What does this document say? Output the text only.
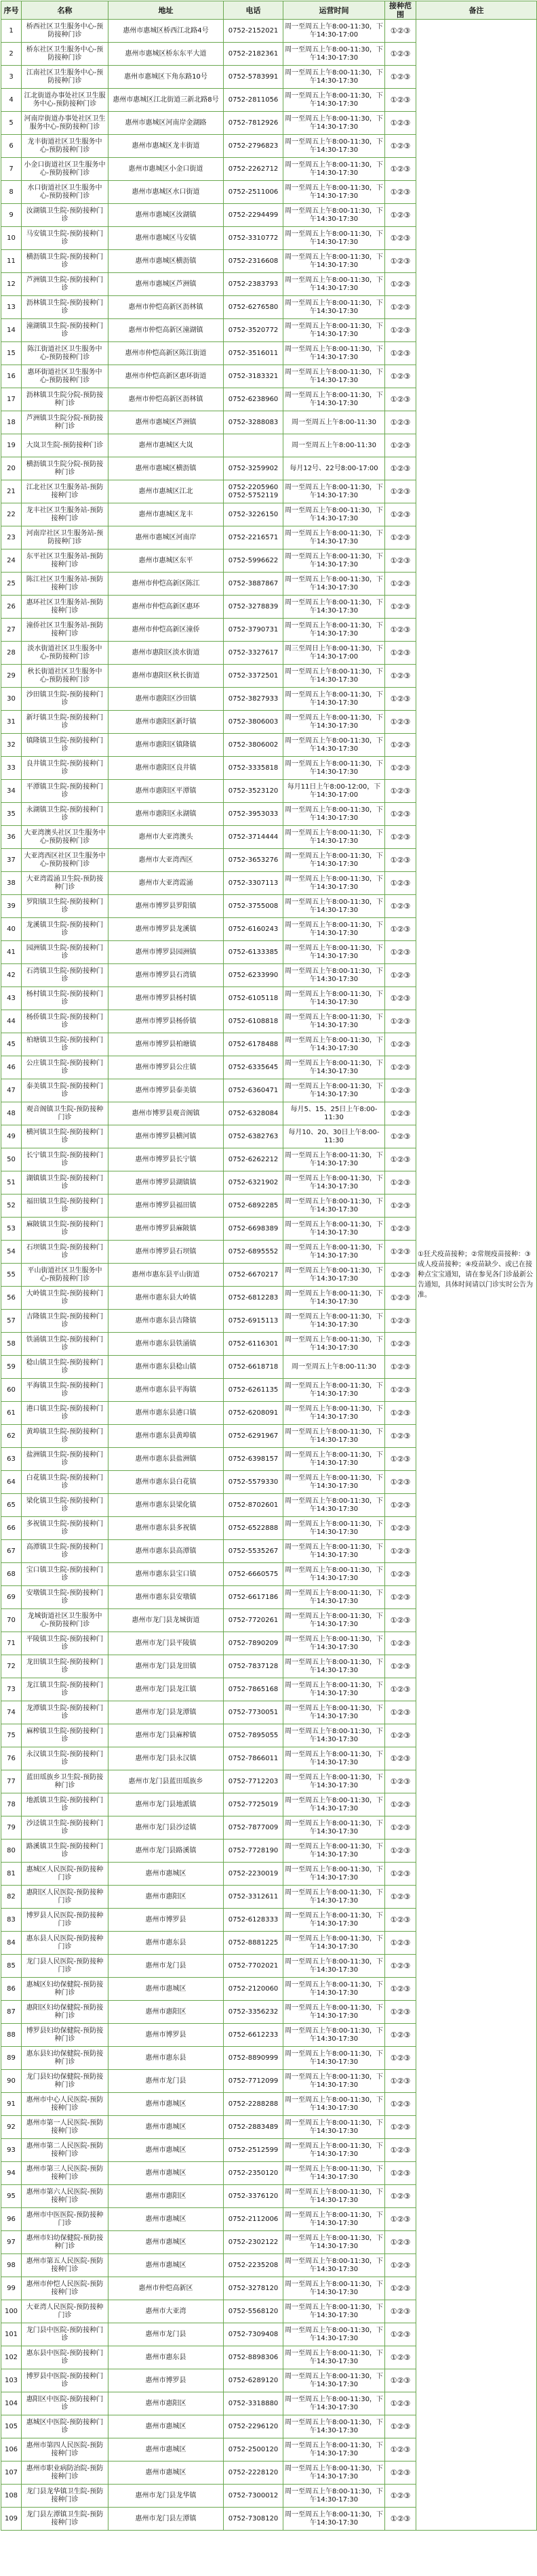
序号	名称	地址	电话	运营时间	接种范围	备注
1	桥西社区卫生服务中心-预防接种门诊	惠州市惠城区桥西江北路4号	0752-2152021	周一至周五上午8:00-11:30，下午14:30-17:00	①②③	①狂犬疫苗接种；②常规疫苗接种：③成人疫苗接种；④疫苗缺少、或已在接种点宝宝通知，请在参见各门诊最新公告通知，具体时间请以门诊实时公告为准。
2	桥东社区卫生服务中心-预防接种门诊	惠州市惠城区桥东东平大道	0752-2182361	周一至周五上午8:00-11:30，下午14:30-17:30	①②③	
3	江南社区卫生服务中心-预防接种门诊	惠州市惠城区下角东路10号	0752-5783991	周一至周五上午8:00-11:30，下午14:30-17:30	①②③	
4	江北街道办事处社区卫生服务中心-预防接种门诊	惠州市惠城区江北街道三新北路8号	0752-2811056	周一至周五上午8:00-11:30，下午14:30-17:30	①②③	
5	河南岸街道办事处社区卫生服务中心-预防接种门诊	惠州市惠城区河南岸金湖路	0752-7812926	周一至周五上午8:00-11:30，下午14:30-17:30	①②③	
6	龙丰街道社区卫生服务中心-预防接种门诊	惠州市惠城区龙丰街道	0752-2796823	周一至周五上午8:00-11:30，下午14:30-17:30	①②③	
7	小金口街道社区卫生服务中心-预防接种门诊	惠州市惠城区小金口街道	0752-2262712	周一至周五上午8:00-11:30，下午14:30-17:30	①②③	
8	水口街道社区卫生服务中心-预防接种门诊	惠州市惠城区水口街道	0752-2511006	周一至周五上午8:00-11:30，下午14:30-17:30	①②③	
9	汝湖镇卫生院-预防接种门诊	惠州市惠城区汝湖镇	0752-2294499	周一至周五上午8:00-11:30，下午14:30-17:30	①②③	
10	马安镇卫生院-预防接种门诊	惠州市惠城区马安镇	0752-3310772	周一至周五上午8:00-11:30，下午14:30-17:30	①②③	
11	横沥镇卫生院-预防接种门诊	惠州市惠城区横沥镇	0752-2316608	周一至周五上午8:00-11:30，下午14:30-17:30	①②③	
12	芦洲镇卫生院-预防接种门诊	惠州市惠城区芦洲镇	0752-2383793	周一至周五上午8:00-11:30，下午14:30-17:30	①②③	
13	沥林镇卫生院-预防接种门诊	惠州市仲恺高新区沥林镇	0752-6276580	周一至周五上午8:00-11:30，下午14:30-17:30	①②③	
14	潼湖镇卫生院-预防接种门诊	惠州市仲恺高新区潼湖镇	0752-3520772	周一至周五上午8:00-11:30，下午14:30-17:30	①②③	
15	陈江街道社区卫生服务中心-预防接种门诊	惠州市仲恺高新区陈江街道	0752-3516011	周一至周五上午8:00-11:30，下午14:30-17:30	①②③	
16	惠环街道社区卫生服务中心-预防接种门诊	惠州市仲恺高新区惠环街道	0752-3183321	周一至周五上午8:00-11:30，下午14:30-17:30	①②③	
17	沥林镇卫生院分院-预防接种门诊	惠州市仲恺高新区沥林镇	0752-6238960	周一至周五上午8:00-11:30，下午14:30-17:30	①②③	
18	芦洲镇卫生院分院-预防接种门诊	惠州市惠城区芦洲镇	0752-3288083	周一至周五上午8:00-11:30	①②③	
19	大岚卫生院-预防接种门诊	惠州市惠城区大岚		周一至周五上午8:00-11:30	①②③	
20	横沥镇卫生院分院-预防接种门诊	惠州市惠城区横沥镇	0752-3259902	每月12号、22号8:00-17:00	①②③	
21	江北社区卫生服务站-预防接种门诊	惠州市惠城区江北	0752-2205960 0752-5752119	周一至周五上午8:00-11:30，下午14:30-17:30	①②③	
22	龙丰社区卫生服务站-预防接种门诊	惠州市惠城区龙丰	0752-3226150	周一至周五上午8:00-11:30，下午14:30-17:30	①②③	
23	河南岸社区卫生服务站-预防接种门诊	惠州市惠城区河南岸	0752-2216571	周一至周五上午8:00-11:30，下午14:30-17:30	①②③	
24	东平社区卫生服务站-预防接种门诊	惠州市惠城区东平	0752-5996622	周一至周五上午8:00-11:30，下午14:30-17:30	①②③	
25	陈江社区卫生服务站-预防接种门诊	惠州市仲恺高新区陈江	0752-3887867	周一至周五上午8:00-11:30，下午14:30-17:30	①②③	
26	惠环社区卫生服务站-预防接种门诊	惠州市仲恺高新区惠环	0752-3278839	周一至周五上午8:00-11:30，下午14:30-17:30	①②③	
27	潼侨社区卫生服务站-预防接种门诊	惠州市仲恺高新区潼侨	0752-3790731	周一至周五上午8:00-11:30，下午14:30-17:30	①②③	
28	淡水街道社区卫生服务中心-预防接种门诊	惠州市惠阳区淡水街道	0752-3327617	周三至周日上午8:00-11:30，下午14:30-17:00	①②③	
29	秋长街道社区卫生服务中心-预防接种门诊	惠州市惠阳区秋长街道	0752-3372501	周一至周五上午8:00-11:30，下午14:30-17:30	①②③	
30	沙田镇卫生院-预防接种门诊	惠州市惠阳区沙田镇	0752-3827933	周一至周五上午8:00-11:30，下午14:30-17:30	①②③	
31	新圩镇卫生院-预防接种门诊	惠州市惠阳区新圩镇	0752-3806003	周一至周五上午8:00-11:30，下午14:30-17:30	①②③	
32	镇隆镇卫生院-预防接种门诊	惠州市惠阳区镇隆镇	0752-3806002	周一至周五上午8:00-11:30，下午14:30-17:30	①②③	
33	良井镇卫生院-预防接种门诊	惠州市惠阳区良井镇	0752-3335818	周一至周五上午8:00-11:30，下午14:30-17:30	①②③	
34	平潭镇卫生院-预防接种门诊	惠州市惠阳区平潭镇	0752-3523120	每月11日上午8:00-12:00，下午14:30-17:00	①②③	
35	永湖镇卫生院-预防接种门诊	惠州市惠阳区永湖镇	0752-3953033	周一至周五上午8:00-11:30，下午14:30-17:30	①②③	
36	大亚湾澳头社区卫生服务中心-预防接种门诊	惠州市大亚湾澳头	0752-3714444	周一至周五上午8:00-11:30，下午14:30-17:30	①②③	
37	大亚湾西区社区卫生服务中心-预防接种门诊	惠州市大亚湾西区	0752-3653276	周一至周五上午8:00-11:30，下午14:30-17:30	①②③	
38	大亚湾霞涌卫生院-预防接种门诊	惠州市大亚湾霞涌	0752-3307113	周一至周五上午8:00-11:30，下午14:30-17:30	①②③	
39	罗阳镇卫生院-预防接种门诊	惠州市博罗县罗阳镇	0752-3755008	周一至周五上午8:00-11:30，下午14:30-17:30	①②③	
40	龙溪镇卫生院-预防接种门诊	惠州市博罗县龙溪镇	0752-6160243	周一至周五上午8:00-11:30，下午14:30-17:30	①②③	
41	园洲镇卫生院-预防接种门诊	惠州市博罗县园洲镇	0752-6133385	周一至周五上午8:00-11:30，下午14:30-17:30	①②③	
42	石湾镇卫生院-预防接种门诊	惠州市博罗县石湾镇	0752-6233990	周一至周五上午8:00-11:30，下午14:30-17:30	①②③	
43	杨村镇卫生院-预防接种门诊	惠州市博罗县杨村镇	0752-6105118	周一至周五上午8:00-11:30，下午14:30-17:30	①②③	
44	杨侨镇卫生院-预防接种门诊	惠州市博罗县杨侨镇	0752-6108818	周一至周五上午8:00-11:30，下午14:30-17:30	①②③	
45	柏塘镇卫生院-预防接种门诊	惠州市博罗县柏塘镇	0752-6178488	周一至周五上午8:00-11:30，下午14:30-17:30	①②③	
46	公庄镇卫生院-预防接种门诊	惠州市博罗县公庄镇	0752-6335645	周一至周五上午8:00-11:30，下午14:30-17:30	①②③	
47	泰美镇卫生院-预防接种门诊	惠州市博罗县泰美镇	0752-6360471	周一至周五上午8:00-11:30，下午14:30-17:30	①②③	
48	观音阁镇卫生院-预防接种门诊	惠州市博罗县观音阁镇	0752-6328084	每月5、15、25日上午8:00-11:30	①②③	
49	横河镇卫生院-预防接种门诊	惠州市博罗县横河镇	0752-6382763	每月10、20、30日上午8:00-11:30	①②③	
50	长宁镇卫生院-预防接种门诊	惠州市博罗县长宁镇	0752-6262212	周一至周五上午8:00-11:30，下午14:30-17:30	①②③	
51	湖镇镇卫生院-预防接种门诊	惠州市博罗县湖镇镇	0752-6321902	周一至周五上午8:00-11:30，下午14:30-17:30	①②③	
52	福田镇卫生院-预防接种门诊	惠州市博罗县福田镇	0752-6892285	周一至周五上午8:00-11:30，下午14:30-17:30	①②③	
53	麻陂镇卫生院-预防接种门诊	惠州市博罗县麻陂镇	0752-6698389	周一至周五上午8:00-11:30，下午14:30-17:30	①②③	
54	石坝镇卫生院-预防接种门诊	惠州市博罗县石坝镇	0752-6895552	周一至周五上午8:00-11:30，下午14:30-17:30	①②③	
55	平山街道社区卫生服务中心-预防接种门诊	惠州市惠东县平山街道	0752-6670217	周一至周五上午8:00-11:30，下午14:30-17:30	①②③	
56	大岭镇卫生院-预防接种门诊	惠州市惠东县大岭镇	0752-6812283	周一至周五上午8:00-11:30，下午14:30-17:30	①②③	
57	吉隆镇卫生院-预防接种门诊	惠州市惠东县吉隆镇	0752-6915113	周一至周五上午8:00-11:30，下午14:30-17:30	①②③	
58	铁涌镇卫生院-预防接种门诊	惠州市惠东县铁涌镇	0752-6116301	周一至周五上午8:00-11:30，下午14:30-17:30	①②③	
59	稔山镇卫生院-预防接种门诊	惠州市惠东县稔山镇	0752-6618718	周一至周五上午8:00-11:30	①②③	
60	平海镇卫生院-预防接种门诊	惠州市惠东县平海镇	0752-6261135	周一至周五上午8:00-11:30，下午14:30-17:30	①②③	
61	港口镇卫生院-预防接种门诊	惠州市惠东县港口镇	0752-6208091	周一至周五上午8:00-11:30，下午14:30-17:30	①②③	
62	黄埠镇卫生院-预防接种门诊	惠州市惠东县黄埠镇	0752-6291967	周一至周五上午8:00-11:30，下午14:30-17:30	①②③	
63	盐洲镇卫生院-预防接种门诊	惠州市惠东县盐洲镇	0752-6398157	周一至周五上午8:00-11:30，下午14:30-17:30	①②③	
64	白花镇卫生院-预防接种门诊	惠州市惠东县白花镇	0752-5579330	周一至周五上午8:00-11:30，下午14:30-17:30	①②③	
65	梁化镇卫生院-预防接种门诊	惠州市惠东县梁化镇	0752-8702601	周一至周五上午8:00-11:30，下午14:30-17:30	①②③	
66	多祝镇卫生院-预防接种门诊	惠州市惠东县多祝镇	0752-6522888	周一至周五上午8:00-11:30，下午14:30-17:30	①②③	
67	高潭镇卫生院-预防接种门诊	惠州市惠东县高潭镇	0752-5535267	周一至周五上午8:00-11:30，下午14:30-17:30	①②③	
68	宝口镇卫生院-预防接种门诊	惠州市惠东县宝口镇	0752-6660575	周一至周五上午8:00-11:30，下午14:30-17:30	①②③	
69	安墩镇卫生院-预防接种门诊	惠州市惠东县安墩镇	0752-6617186	周一至周五上午8:00-11:30，下午14:30-17:30	①②③	
70	龙城街道社区卫生服务中心-预防接种门诊	惠州市龙门县龙城街道	0752-7720261	周一至周五上午8:00-11:30，下午14:30-17:30	①②③	
71	平陵镇卫生院-预防接种门诊	惠州市龙门县平陵镇	0752-7890209	周一至周五上午8:00-11:30，下午14:30-17:30	①②③	
72	龙田镇卫生院-预防接种门诊	惠州市龙门县龙田镇	0752-7837128	周一至周五上午8:00-11:30，下午14:30-17:30	①②③	
73	龙江镇卫生院-预防接种门诊	惠州市龙门县龙江镇	0752-7865168	周一至周五上午8:00-11:30，下午14:30-17:30	①②③	
74	龙潭镇卫生院-预防接种门诊	惠州市龙门县龙潭镇	0752-7730051	周一至周五上午8:00-11:30，下午14:30-17:30	①②③	
75	麻榨镇卫生院-预防接种门诊	惠州市龙门县麻榨镇	0752-7895055	周一至周五上午8:00-11:30，下午14:30-17:30	①②③	
76	永汉镇卫生院-预防接种门诊	惠州市龙门县永汉镇	0752-7866011	周一至周五上午8:00-11:30，下午14:30-17:30	①②③	
77	蓝田瑶族乡卫生院-预防接种门诊	惠州市龙门县蓝田瑶族乡	0752-7712203	周一至周五上午8:00-11:30，下午14:30-17:30	①②③	
78	地派镇卫生院-预防接种门诊	惠州市龙门县地派镇	0752-7725019	周一至周五上午8:00-11:30，下午14:30-17:30	①②③	
79	沙迳镇卫生院-预防接种门诊	惠州市龙门县沙迳镇	0752-7877009	周一至周五上午8:00-11:30，下午14:30-17:30	①②③	
80	路溪镇卫生院-预防接种门诊	惠州市龙门县路溪镇	0752-7728190	周一至周五上午8:00-11:30，下午14:30-17:30	①②③	
81	惠城区人民医院-预防接种门诊	惠州市惠城区	0752-2230019	周一至周五上午8:00-11:30，下午14:30-17:30	①②③	
82	惠阳区人民医院-预防接种门诊	惠州市惠阳区	0752-3312611	周一至周五上午8:00-11:30，下午14:30-17:30	①②③	
83	博罗县人民医院-预防接种门诊	惠州市博罗县	0752-6128333	周一至周五上午8:00-11:30，下午14:30-17:30	①②③	
84	惠东县人民医院-预防接种门诊	惠州市惠东县	0752-8881225	周一至周五上午8:00-11:30，下午14:30-17:30	①②③	
85	龙门县人民医院-预防接种门诊	惠州市龙门县	0752-7702021	周一至周五上午8:00-11:30，下午14:30-17:30	①②③	
86	惠城区妇幼保健院-预防接种门诊	惠州市惠城区	0752-2120060	周一至周五上午8:00-11:30，下午14:30-17:30	①②③	
87	惠阳区妇幼保健院-预防接种门诊	惠州市惠阳区	0752-3356232	周一至周五上午8:00-11:30，下午14:30-17:30	①②③	
88	博罗县妇幼保健院-预防接种门诊	惠州市博罗县	0752-6612233	周一至周五上午8:00-11:30，下午14:30-17:30	①②③	
89	惠东县妇幼保健院-预防接种门诊	惠州市惠东县	0752-8890999	周一至周五上午8:00-11:30，下午14:30-17:30	①②③	
90	龙门县妇幼保健院-预防接种门诊	惠州市龙门县	0752-7712099	周一至周五上午8:00-11:30，下午14:30-17:30	①②③	
91	惠州市中心人民医院-预防接种门诊	惠州市惠城区	0752-2288288	周一至周五上午8:00-11:30，下午14:30-17:30	①②③	
92	惠州市第一人民医院-预防接种门诊	惠州市惠城区	0752-2883489	周一至周五上午8:00-11:30，下午14:30-17:30	①②③	
93	惠州市第二人民医院-预防接种门诊	惠州市惠城区	0752-2512599	周一至周五上午8:00-11:30，下午14:30-17:30	①②③	
94	惠州市第三人民医院-预防接种门诊	惠州市惠城区	0752-2350120	周一至周五上午8:00-11:30，下午14:30-17:30	①②③	
95	惠州市第六人民医院-预防接种门诊	惠州市惠阳区	0752-3376120	周一至周五上午8:00-11:30，下午14:30-17:30	①②③	
96	惠州市中医医院-预防接种门诊	惠州市惠城区	0752-2112006	周一至周五上午8:00-11:30，下午14:30-17:30	①②③	
97	惠州市妇幼保健院-预防接种门诊	惠州市惠城区	0752-2302122	周一至周五上午8:00-11:30，下午14:30-17:30	①②③	
98	惠州市第五人民医院-预防接种门诊	惠州市惠城区	0752-2235208	周一至周五上午8:00-11:30，下午14:30-17:30	①②③	
99	惠州市仲恺人民医院-预防接种门诊	惠州市仲恺高新区	0752-3278120	周一至周五上午8:00-11:30，下午14:30-17:30	①②③	
100	大亚湾人民医院-预防接种门诊	惠州市大亚湾	0752-5568120	周一至周五上午8:00-11:30，下午14:30-17:30	①②③	
101	龙门县中医院-预防接种门诊	惠州市龙门县	0752-7309408	周一至周五上午8:00-11:30，下午14:30-17:30	①②③	
102	惠东县中医院-预防接种门诊	惠州市惠东县	0752-8898306	周一至周五上午8:00-11:30，下午14:30-17:30	①②③	
103	博罗县中医院-预防接种门诊	惠州市博罗县	0752-6289120	周一至周五上午8:00-11:30，下午14:30-17:30	①②③	
104	惠阳区中医院-预防接种门诊	惠州市惠阳区	0752-3318880	周一至周五上午8:00-11:30，下午14:30-17:30	①②③	
105	惠城区中医院-预防接种门诊	惠州市惠城区	0752-2296120	周一至周五上午8:00-11:30，下午14:30-17:30	①②③	
106	惠州市第四人民医院-预防接种门诊	惠州市惠城区	0752-2500120	周一至周五上午8:00-11:30，下午14:30-17:30	①②③	
107	惠州市职业病防治院-预防接种门诊	惠州市惠城区	0752-2228120	周一至周五上午8:00-11:30，下午14:30-17:30	①②③	
108	龙门县龙华镇卫生院-预防接种门诊	惠州市龙门县龙华镇	0752-7300012	周一至周五上午8:00-11:30，下午14:30-17:30	①②③	
109	龙门县左潭镇卫生院-预防接种门诊	惠州市龙门县左潭镇	0752-7308120	周一至周五上午8:00-11:30，下午14:30-17:30	①②③	
